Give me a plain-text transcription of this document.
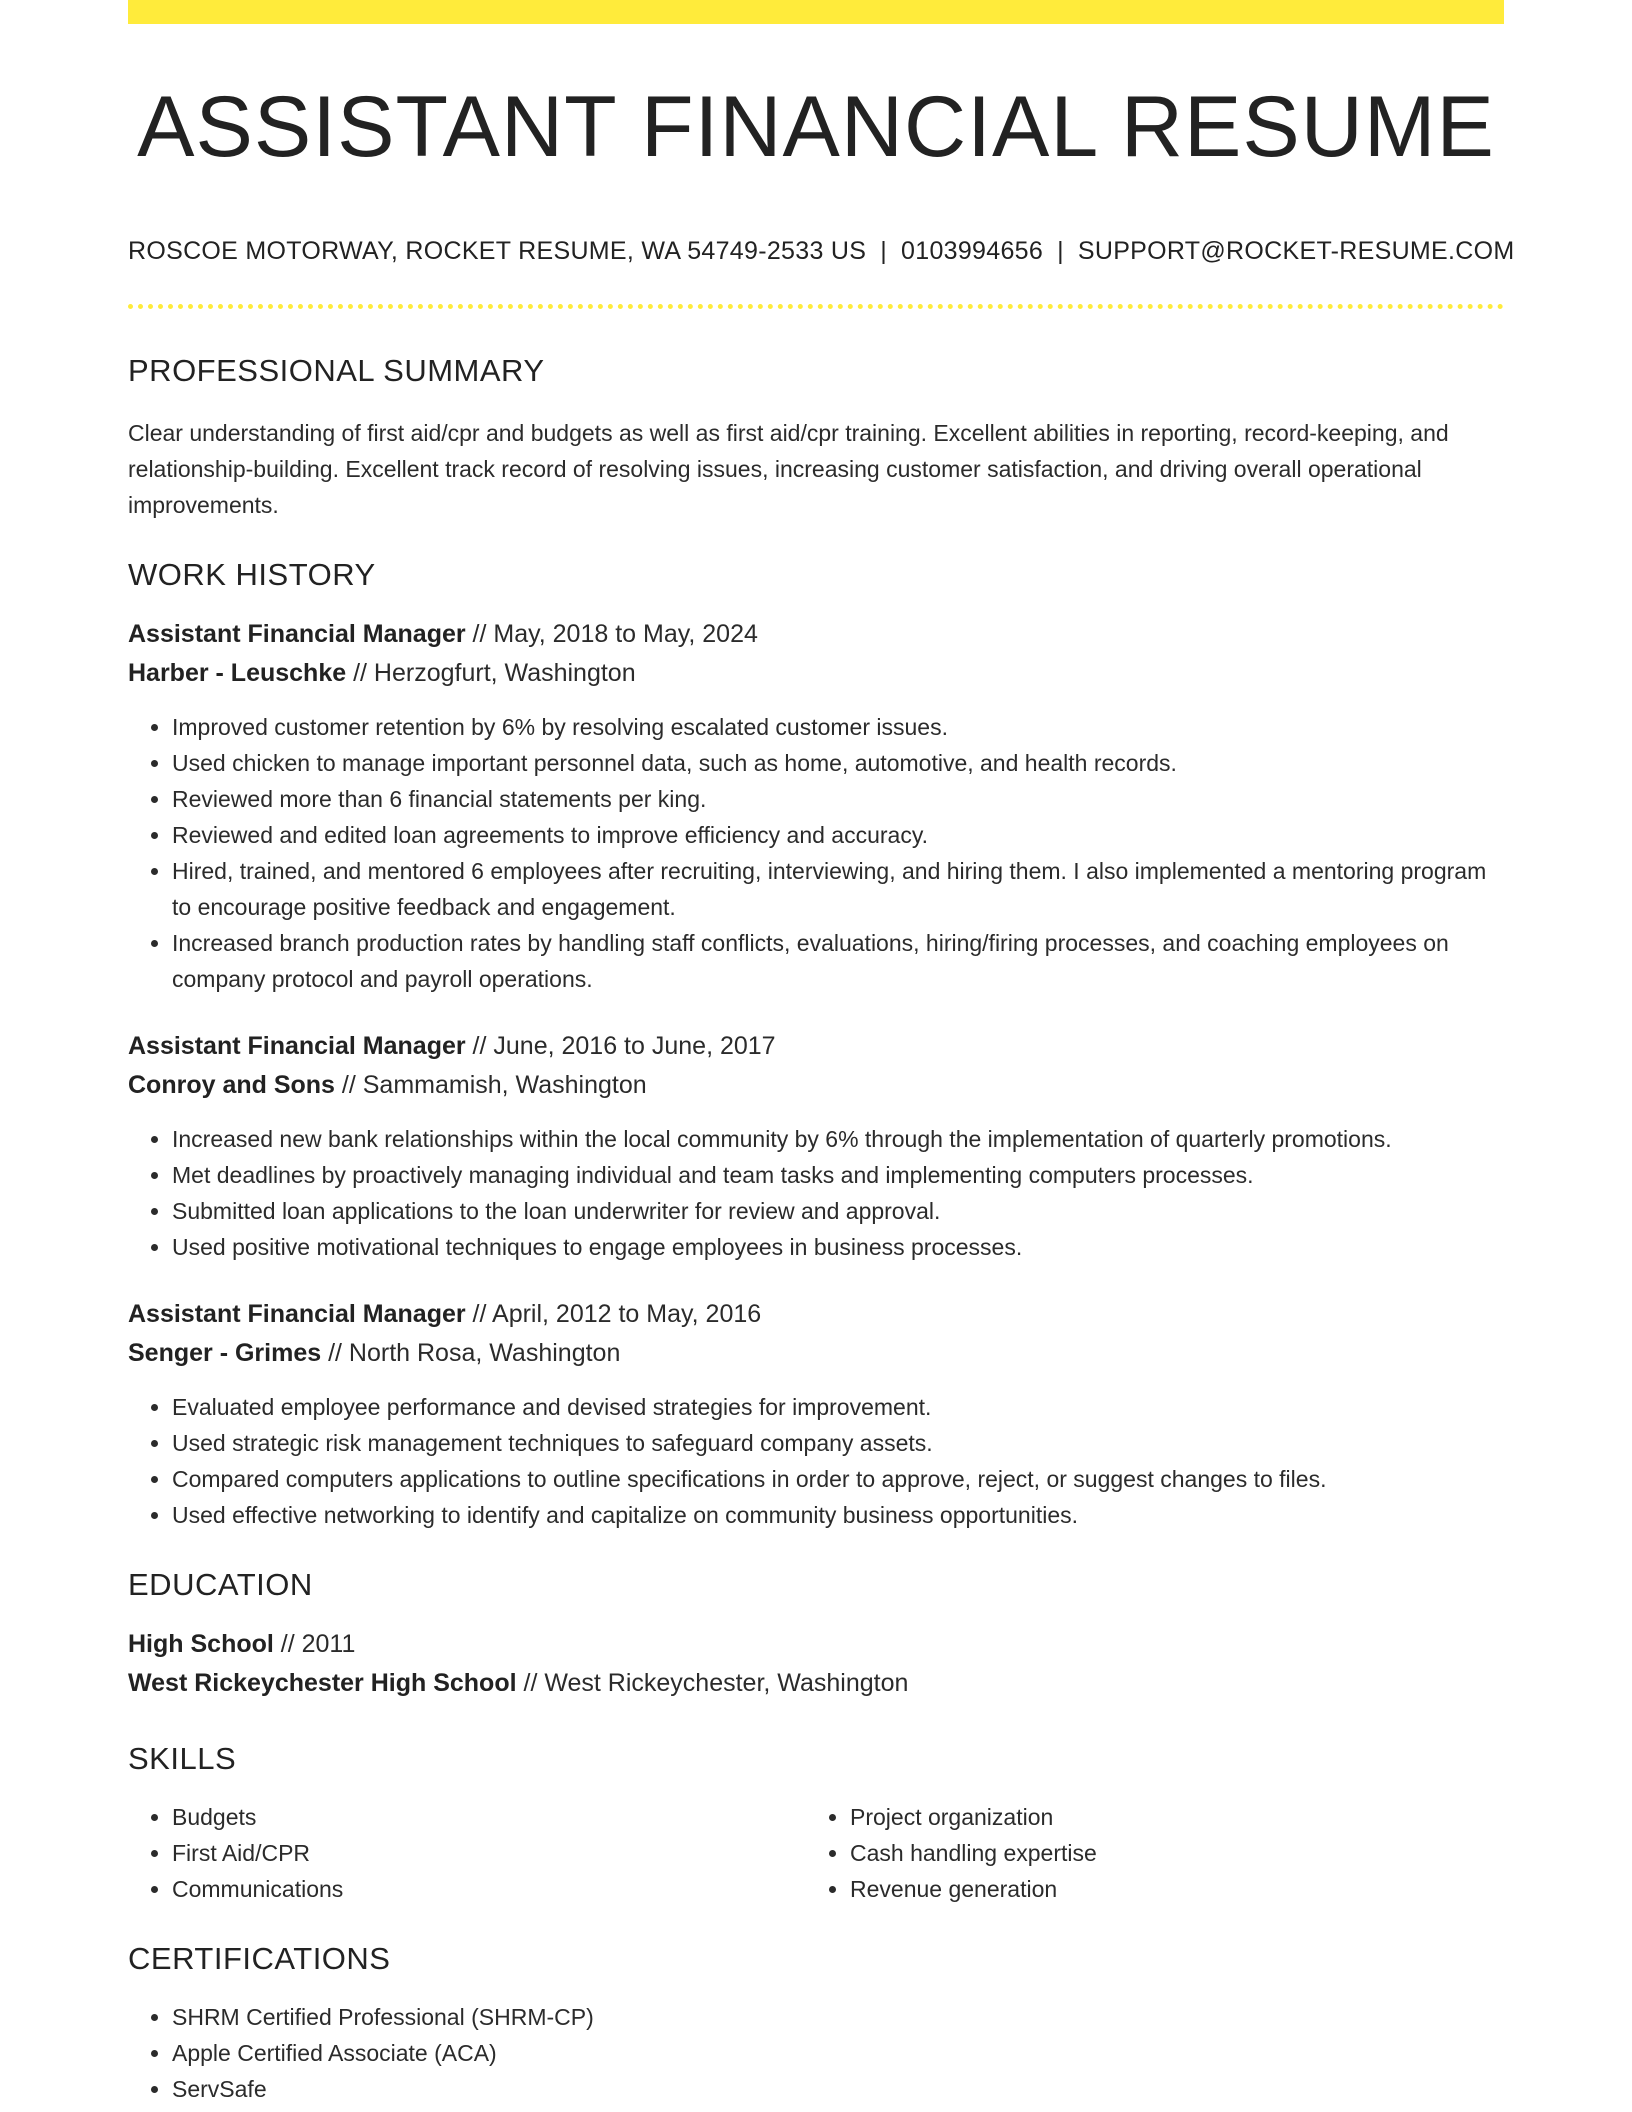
ASSISTANT FINANCIAL RESUME
ROSCOE MOTORWAY, ROCKET RESUME, WA 54749-2533 US | 0103994656 | SUPPORT@ROCKET-RESUME.COM
PROFESSIONAL SUMMARY
Clear understanding of first aid/cpr and budgets as well as first aid/cpr training. Excellent abilities in reporting, record-keeping, and relationship-building. Excellent track record of resolving issues, increasing customer satisfaction, and driving overall operational improvements.
WORK HISTORY
Assistant Financial Manager // May, 2018 to May, 2024
Harber - Leuschke // Herzogfurt, Washington
• Improved customer retention by 6% by resolving escalated customer issues.
• Used chicken to manage important personnel data, such as home, automotive, and health records.
• Reviewed more than 6 financial statements per king.
• Reviewed and edited loan agreements to improve efficiency and accuracy.
• Hired, trained, and mentored 6 employees after recruiting, interviewing, and hiring them. I also implemented a mentoring program to encourage positive feedback and engagement.
• Increased branch production rates by handling staff conflicts, evaluations, hiring/firing processes, and coaching employees on company protocol and payroll operations.
Assistant Financial Manager // June, 2016 to June, 2017
Conroy and Sons // Sammamish, Washington
• Increased new bank relationships within the local community by 6% through the implementation of quarterly promotions.
• Met deadlines by proactively managing individual and team tasks and implementing computers processes.
• Submitted loan applications to the loan underwriter for review and approval.
• Used positive motivational techniques to engage employees in business processes.
Assistant Financial Manager // April, 2012 to May, 2016
Senger - Grimes // North Rosa, Washington
• Evaluated employee performance and devised strategies for improvement.
• Used strategic risk management techniques to safeguard company assets.
• Compared computers applications to outline specifications in order to approve, reject, or suggest changes to files.
• Used effective networking to identify and capitalize on community business opportunities.
EDUCATION
High School // 2011
West Rickeychester High School // West Rickeychester, Washington
SKILLS
• Budgets
• First Aid/CPR
• Communications
• Project organization
• Cash handling expertise
• Revenue generation
CERTIFICATIONS
• SHRM Certified Professional (SHRM-CP)
• Apple Certified Associate (ACA)
• ServSafe
